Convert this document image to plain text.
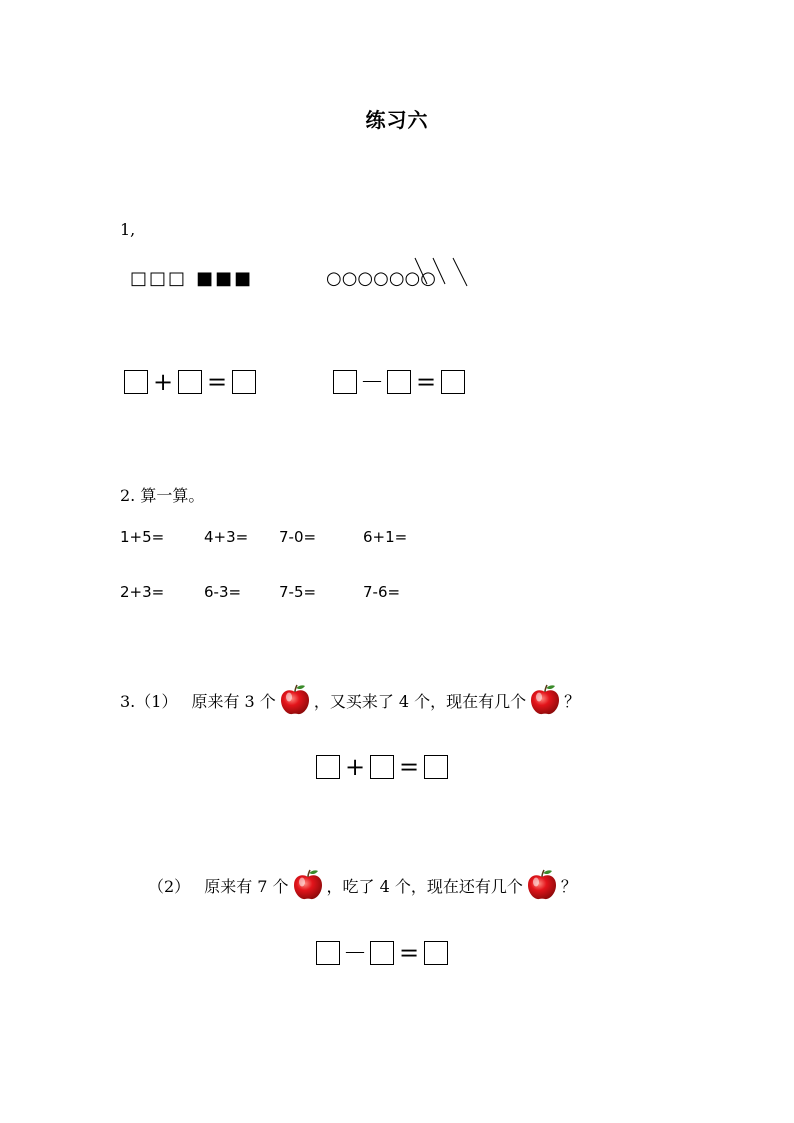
练习六
1,
□□□ ■■■	○○○○○○○
+ =	－ =
2. 算一算。
1+5=	4+3= 7-0=	6+1=
2+3=	6-3=	7-5=	7-6=
3.（1） 原来有 3 个 ，又买来了 4 个，现在有几个 ？
+ =
（2） 原来有 7 个 ，吃了 4 个，现在还有几个 ？
－ =
